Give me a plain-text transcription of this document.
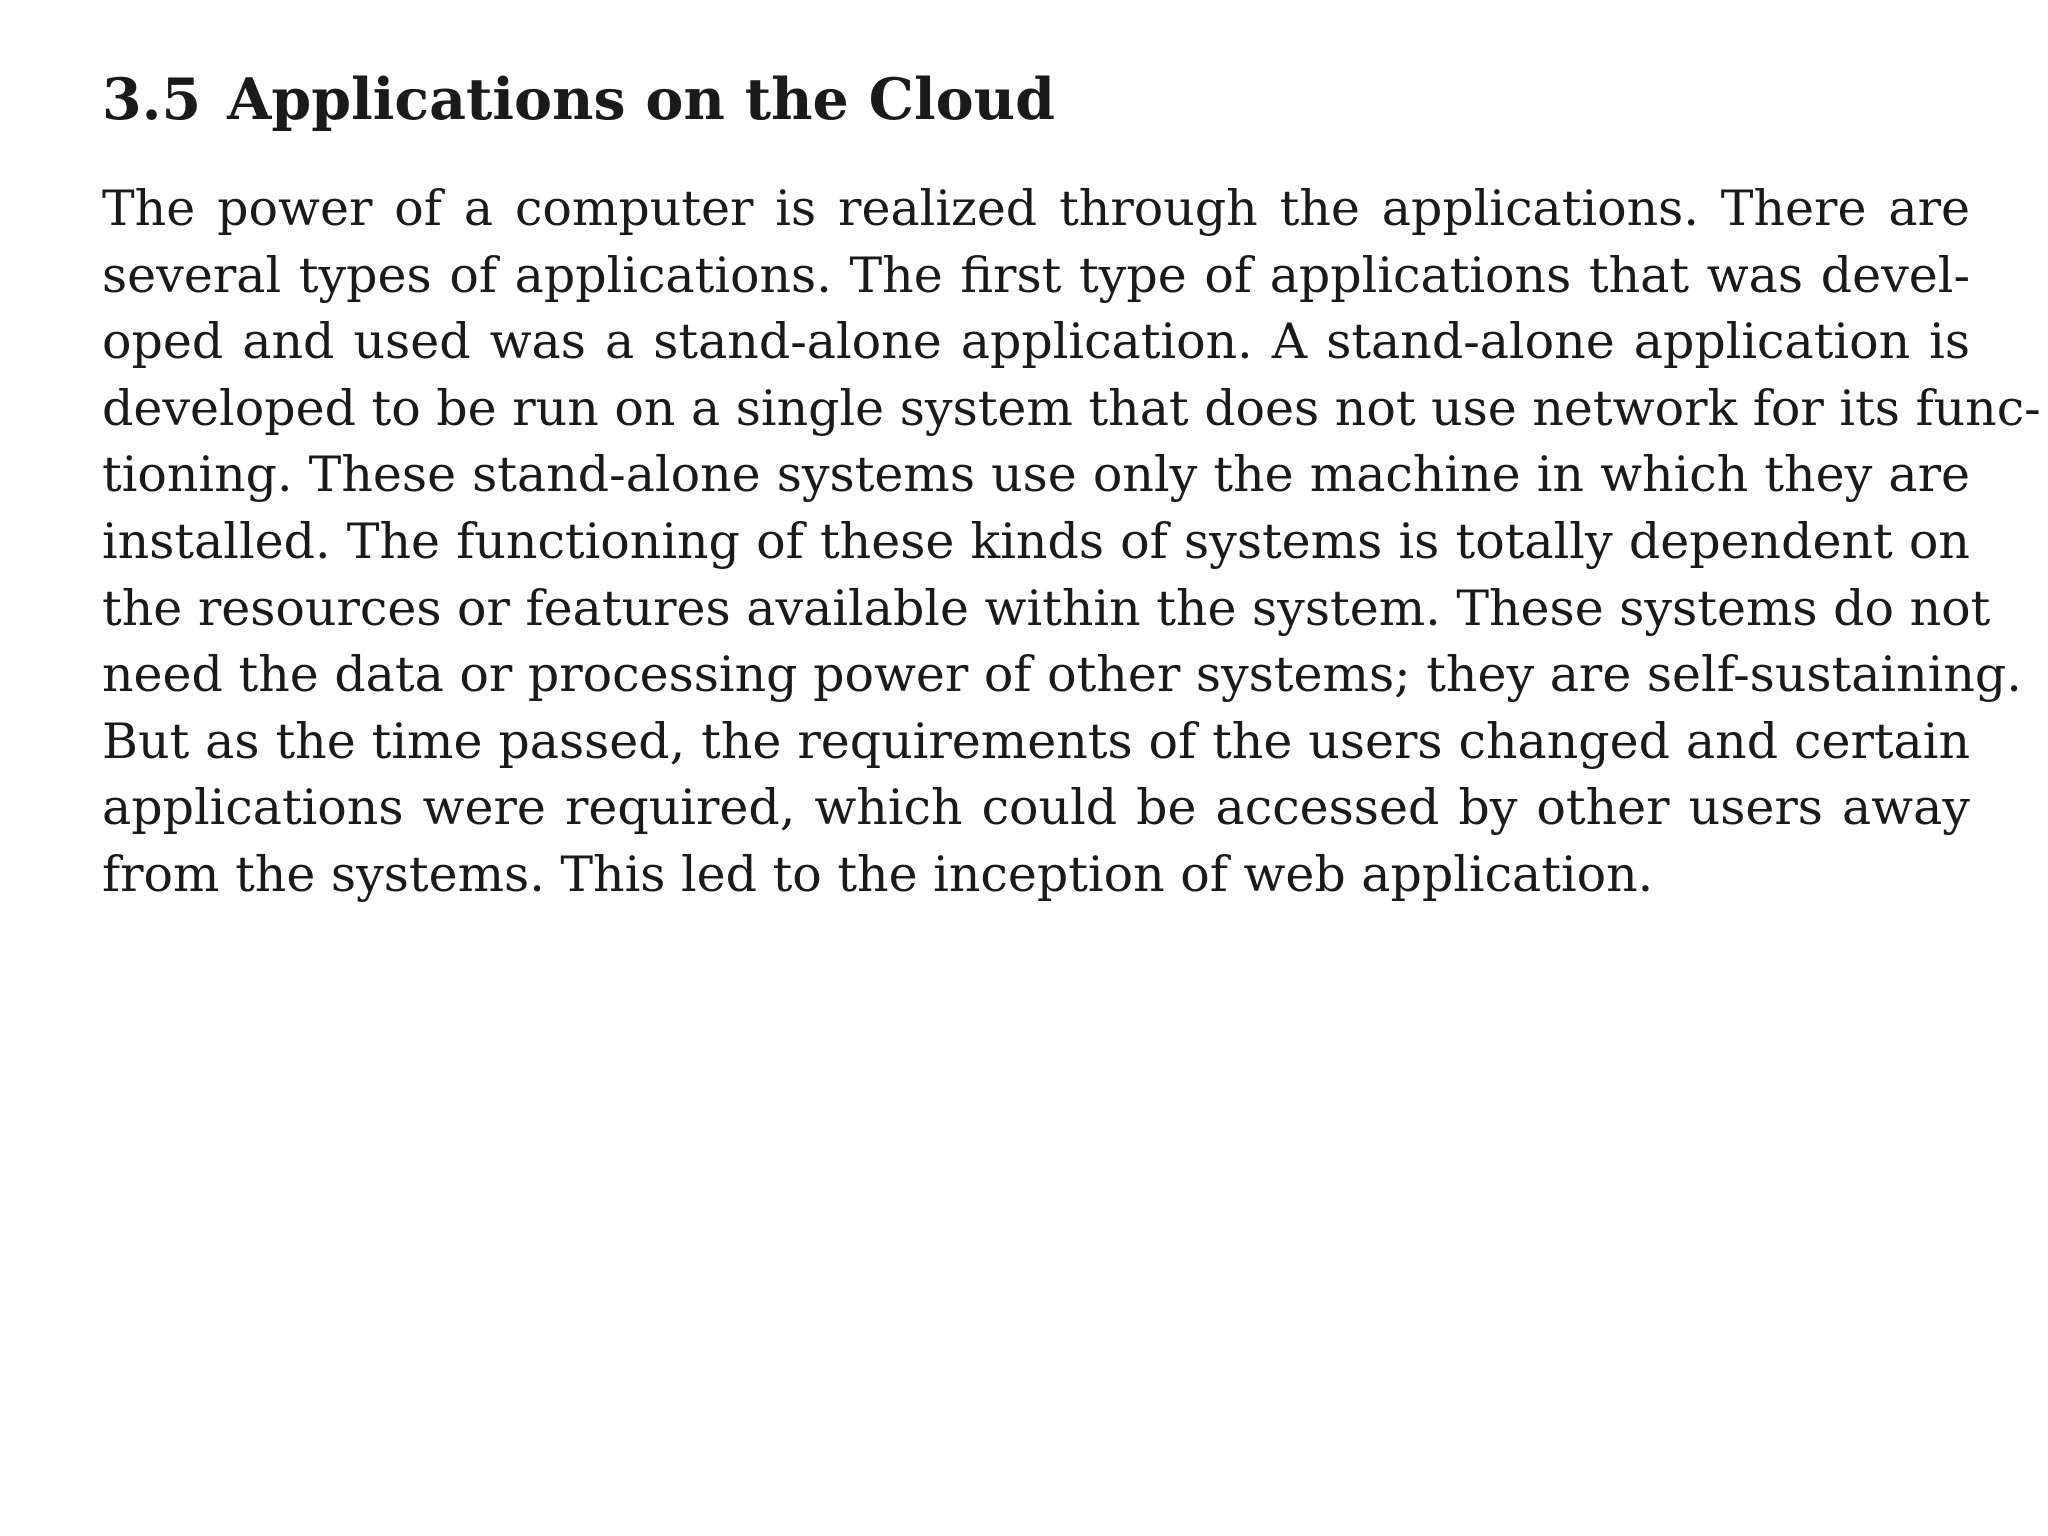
3.5 Applications on the Cloud
The power of a computer is realized through the applications. There are
several types of applications. The first type of applications that was devel-
oped and used was a stand-alone application. A stand-alone application is
developed to be run on a single system that does not use network for its func-
tioning. These stand-alone systems use only the machine in which they are
installed. The functioning of these kinds of systems is totally dependent on
the resources or features available within the system. These systems do not
need the data or processing power of other systems; they are self-sustaining.
But as the time passed, the requirements of the users changed and certain
applications were required, which could be accessed by other users away
from the systems. This led to the inception of web application.
